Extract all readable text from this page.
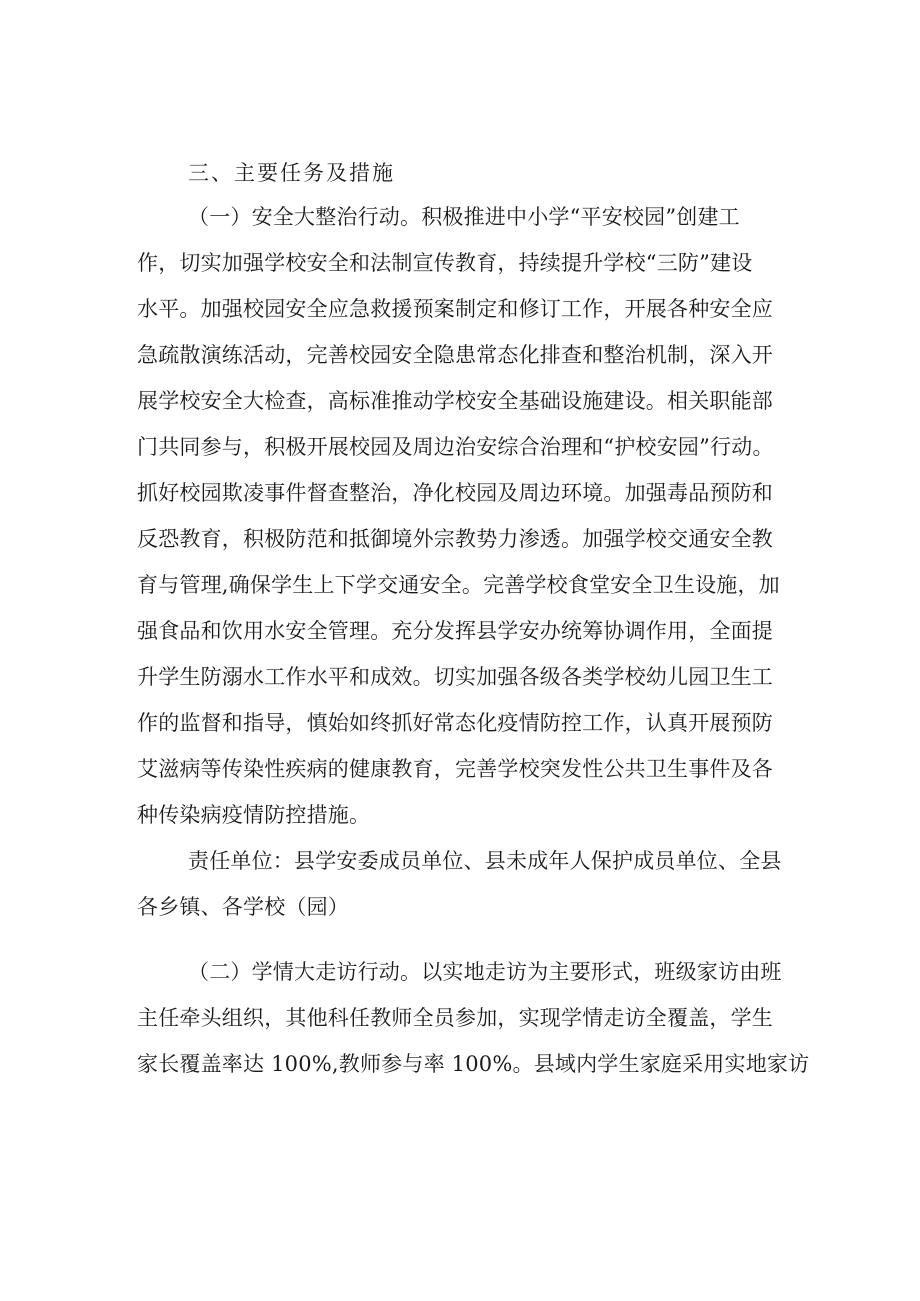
三、主要任务及措施
（一）安全大整治行动。积极推进中小学“平安校园”创建工
作，切实加强学校安全和法制宣传教育，持续提升学校“三防”建设
水平。加强校园安全应急救援预案制定和修订工作，开展各种安全应
急疏散演练活动，完善校园安全隐患常态化排查和整治机制，深入开
展学校安全大检查，高标准推动学校安全基础设施建设。相关职能部
门共同参与，积极开展校园及周边治安综合治理和“护校安园”行动。
抓好校园欺凌事件督查整治，净化校园及周边环境。加强毒品预防和
反恐教育，积极防范和抵御境外宗教势力渗透。加强学校交通安全教
育与管理,确保学生上下学交通安全。完善学校食堂安全卫生设施，加
强食品和饮用水安全管理。充分发挥县学安办统筹协调作用，全面提
升学生防溺水工作水平和成效。切实加强各级各类学校幼儿园卫生工
作的监督和指导，慎始如终抓好常态化疫情防控工作，认真开展预防
艾滋病等传染性疾病的健康教育，完善学校突发性公共卫生事件及各
种传染病疫情防控措施。
责任单位：县学安委成员单位、县未成年人保护成员单位、全县
各乡镇、各学校（园）
（二）学情大走访行动。以实地走访为主要形式，班级家访由班
主任牵头组织，其他科任教师全员参加，实现学情走访全覆盖，学生
家长覆盖率达 100%,教师参与率 100%。县域内学生家庭采用实地家访
